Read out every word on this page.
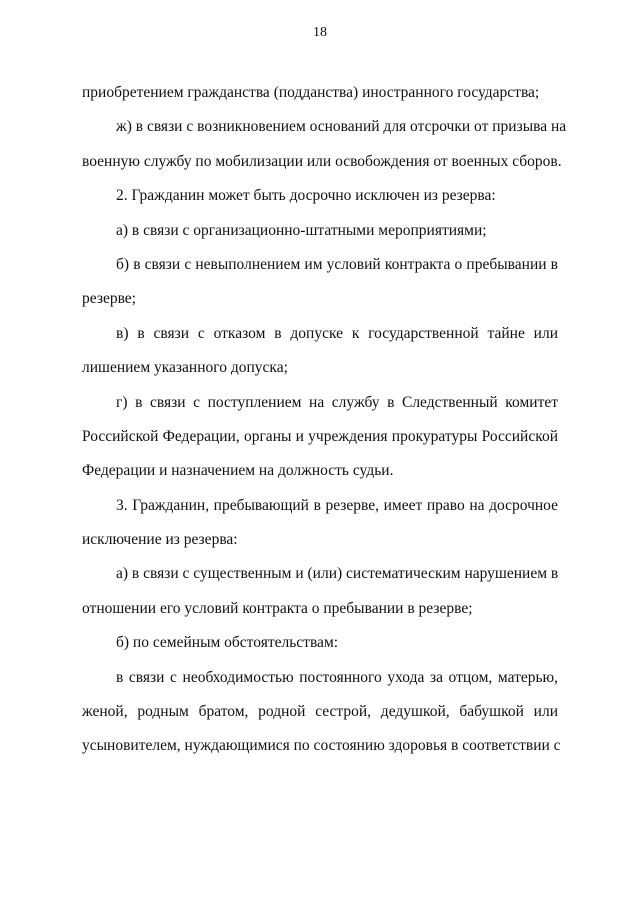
18
приобретением гражданства (подданства) иностранного государства;
ж) в связи с возникновением оснований для отсрочки от призыва на
военную службу по мобилизации или освобождения от военных сборов.
2. Гражданин может быть досрочно исключен из резерва:
а) в связи с организационно-штатными мероприятиями;
б) в связи с невыполнением им условий контракта о пребывании в
резерве;
в) в связи с отказом в допуске к государственной тайне или
лишением указанного допуска;
г) в связи с поступлением на службу в Следственный комитет
Российской Федерации, органы и учреждения прокуратуры Российской
Федерации и назначением на должность судьи.
3. Гражданин, пребывающий в резерве, имеет право на досрочное
исключение из резерва:
а) в связи с существенным и (или) систематическим нарушением в
отношении его условий контракта о пребывании в резерве;
б) по семейным обстоятельствам:
в связи с необходимостью постоянного ухода за отцом, матерью,
женой, родным братом, родной сестрой, дедушкой, бабушкой или
усыновителем, нуждающимися по состоянию здоровья в соответствии с
